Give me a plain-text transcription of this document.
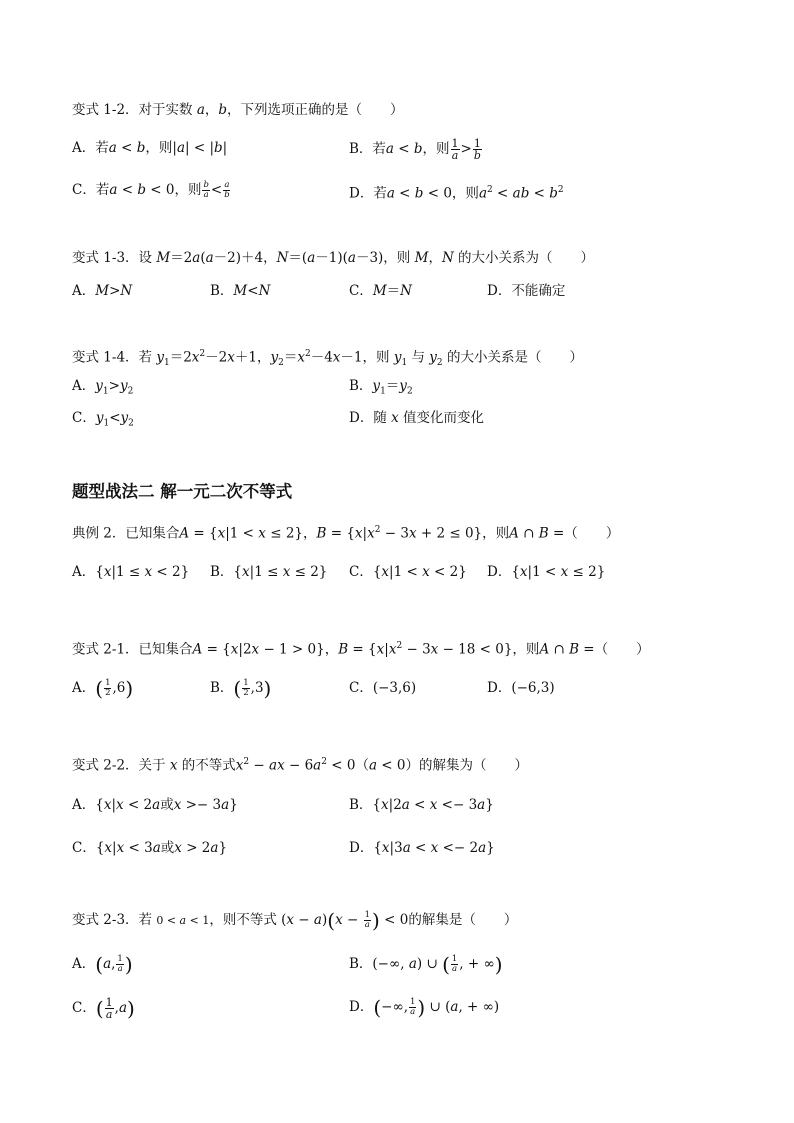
变式 1-2．对于实数 a，b，下列选项正确的是（ ）
A．若a < b，则|a| < |b|	B．若a < b，则 $\frac{1}{a} > \frac{1}{b}$
C．若a < b < 0，则 $\frac{b}{a} < \frac{a}{b}$	D．若a < b < 0，则$a^2$ < ab < $b^2$
变式 1-3．设 M＝2a(a－2)＋4，N＝(a－1)(a－3)，则 M，N 的大小关系为（ ）
A．M>N	B．M<N	C．M＝N	D．不能确定
变式 1-4．若 $y_1=2x^2-2x+1$，$y_2=x^2-4x-1$，则 $y_1$ 与 $y_2$ 的大小关系是（ ）
A．$y_1>y_2$	B．$y_1=y_2$
C．$y_1<y_2$	D．随 x 值变化而变化
题型战法二 解一元二次不等式
典例 2．已知集合A = {x|1 < x ≤ 2}，$B = \{x|x^2 - 3x + 2 \le 0\}$，则A ∩ B =（ ）
A．{x|1 ≤ x < 2} B．{x|1 ≤ x ≤ 2} C．{x|1 < x < 2} D．{x|1 < x ≤ 2}
变式 2-1．已知集合A = {x|2x − 1 > 0}，$B = \{x|x^2 - 3x - 18 < 0\}$，则A ∩ B =（ ）
A．( $\frac{1}{2} ,6$)	B．( $\frac{1}{2} ,3$)	C．(−3,6)	D．(−6,3)
变式 2-2．关于 x 的不等式$x^2$ − ax − $6a^2 < 0(a < 0)$的解集为（ ）
A．{x|x < 2a或x >− 3a}	B．{x|2a < x <− 3a}
C．{x|x < 3a或x > 2a}	D．{x|3a < x <− 2a}
变式 2-3．若 0 < a < 1，则不等式 $(x - a)(x - \frac{1}{a}$ ) < 0的解集是（ ）
A．(a, $\frac{1}{a}$ )	B．(−∞, a) ∪ ( $\frac{1}{a}$ , + ∞)
C．( $\frac{1}{a} ,a$)	D．(−∞, $\frac{1}{a}$ ) ∪ (a, + ∞)
